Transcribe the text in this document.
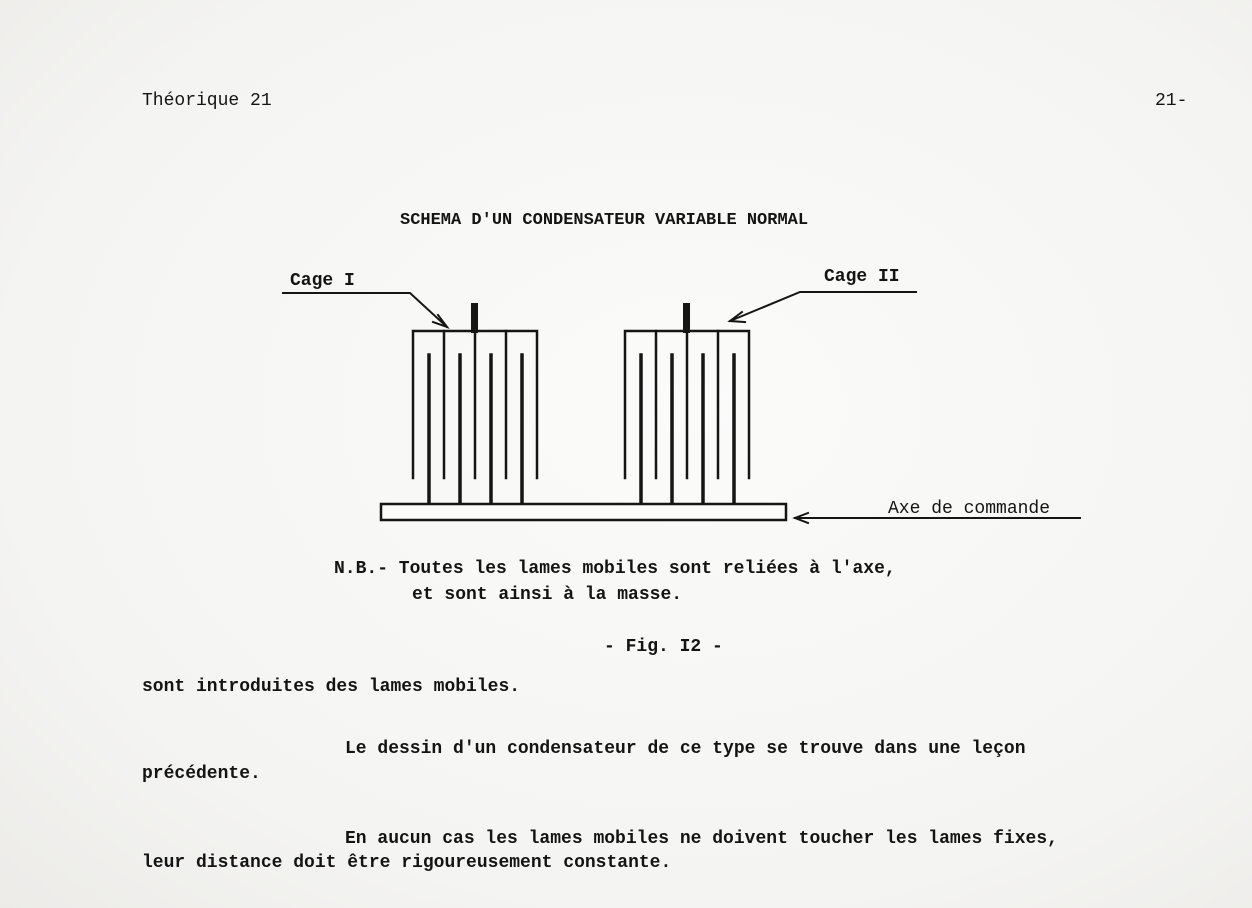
Théorique 21	21-
SCHEMA D'UN CONDENSATEUR VARIABLE NORMAL
Cage I	Cage II
Axe de commande
N.B.- Toutes les lames mobiles sont reliées à l'axe,
et sont ainsi à la masse.
- Fig. I2 -
sont introduites des lames mobiles.
Le dessin d'un condensateur de ce type se trouve dans une leçon
précédente.
En aucun cas les lames mobiles ne doivent toucher les lames fixes,
leur distance doit être rigoureusement constante.
